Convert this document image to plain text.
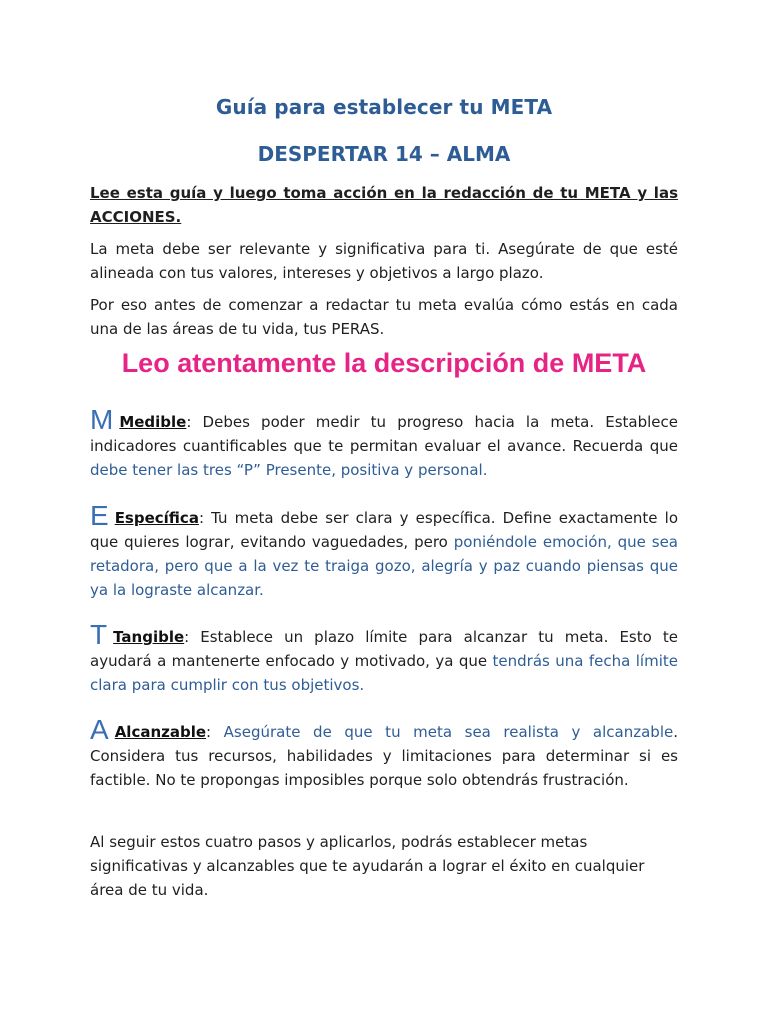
Guía para establecer tu META
DESPERTAR 14 – ALMA
Lee esta guía y luego toma acción en la redacción de tu META y las ACCIONES.
La meta debe ser relevante y significativa para ti. Asegúrate de que esté alineada con tus valores, intereses y objetivos a largo plazo.
Por eso antes de comenzar a redactar tu meta evalúa cómo estás en cada una de las áreas de tu vida, tus PERAS.
Leo atentamente la descripción de META
M Medible: Debes poder medir tu progreso hacia la meta. Establece indicadores cuantificables que te permitan evaluar el avance. Recuerda que debe tener las tres “P” Presente, positiva y personal.
E Específica: Tu meta debe ser clara y específica. Define exactamente lo que quieres lograr, evitando vaguedades, pero poniéndole emoción, que sea retadora, pero que a la vez te traiga gozo, alegría y paz cuando piensas que ya la lograste alcanzar.
T Tangible: Establece un plazo límite para alcanzar tu meta. Esto te ayudará a mantenerte enfocado y motivado, ya que tendrás una fecha límite clara para cumplir con tus objetivos.
A Alcanzable: Asegúrate de que tu meta sea realista y alcanzable. Considera tus recursos, habilidades y limitaciones para determinar si es factible. No te propongas imposibles porque solo obtendrás frustración.
Al seguir estos cuatro pasos y aplicarlos, podrás establecer metas significativas y alcanzables que te ayudarán a lograr el éxito en cualquier área de tu vida.
